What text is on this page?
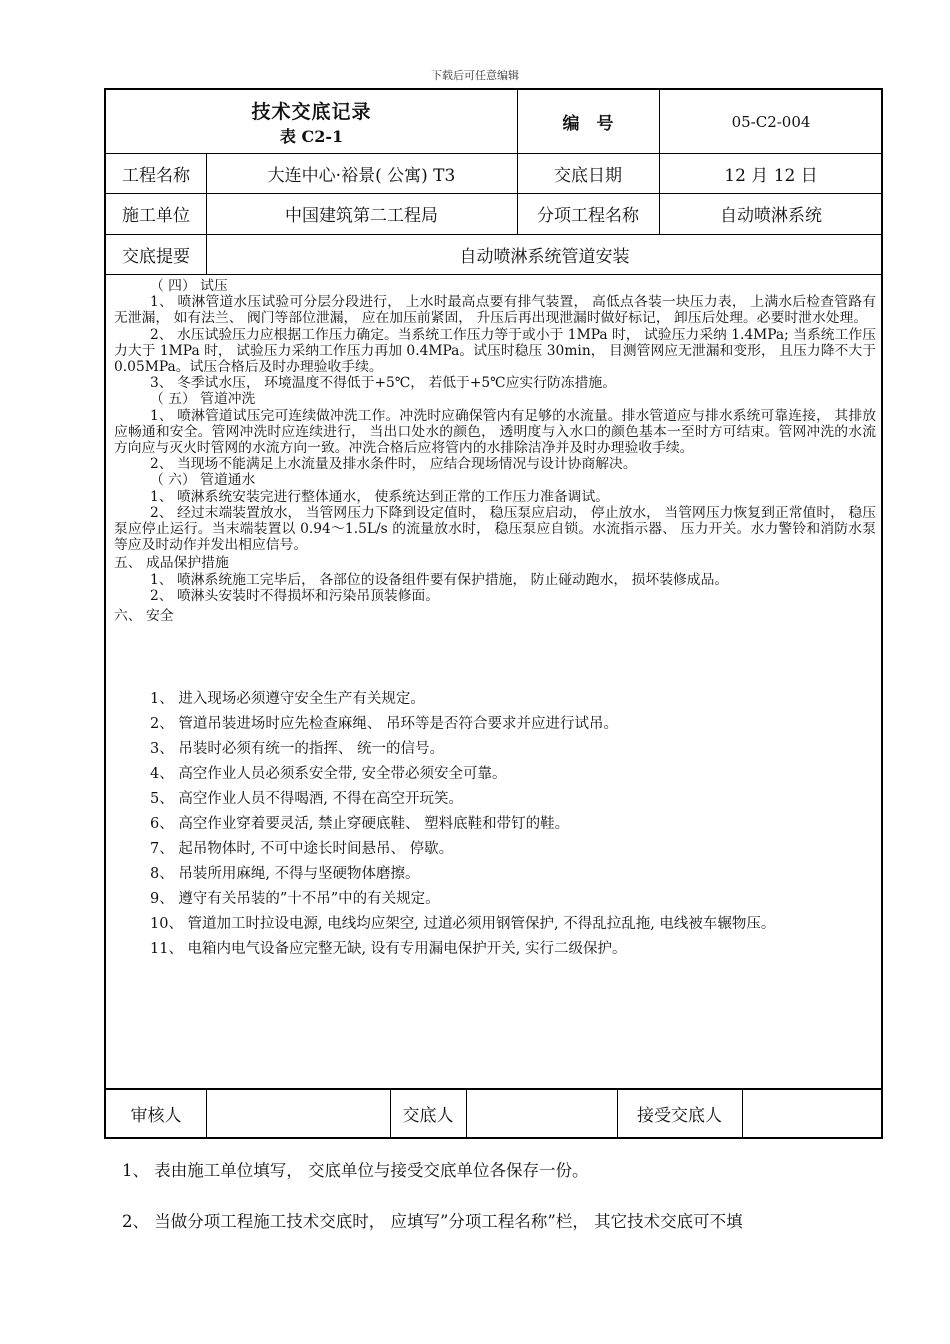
下载后可任意编辑
技术交底记录
表 C2-1
编　号	05-C2-004
工程名称	大连中心·裕景( 公寓) T3	交底日期	12 月 12 日
施工单位	中国建筑第二工程局	分项工程名称	自动喷淋系统
交底提要	自动喷淋系统管道安装

（ 四） 试压

1、 喷淋管道水压试验可分层分段进行， 上水时最高点要有排气装置， 高低点各装一块压力表， 上满水后检查管路有无泄漏， 如有法兰、 阀门等部位泄漏， 应在加压前紧固， 升压后再出现泄漏时做好标记， 卸压后处理。必要时泄水处理。

2、 水压试验压力应根据工作压力确定。当系统工作压力等于或小于 1MPa 时， 试验压力采纳 1.4MPa; 当系统工作压力大于 1MPa 时， 试验压力采纳工作压力再加 0.4MPa。试压时稳压 30min， 目测管网应无泄漏和变形， 且压力降不大于 0.05MPa。试压合格后及时办理验收手续。

3、 冬季试水压， 环境温度不得低于+5℃， 若低于+5℃应实行防冻措施。

（ 五） 管道冲洗

1、 喷淋管道试压完可连续做冲洗工作。冲洗时应确保管内有足够的水流量。排水管道应与排水系统可靠连接， 其排放应畅通和安全。管网冲洗时应连续进行， 当出口处水的颜色， 透明度与入水口的颜色基本一至时方可结束。管网冲洗的水流方向应与灭火时管网的水流方向一致。冲洗合格后应将管内的水排除洁净并及时办理验收手续。

2、 当现场不能满足上水流量及排水条件时， 应结合现场情况与设计协商解决。

（ 六） 管道通水

1、 喷淋系统安装完进行整体通水， 使系统达到正常的工作压力准备调试。

2、 经过末端装置放水， 当管网压力下降到设定值时， 稳压泵应启动， 停止放水， 当管网压力恢复到正常值时， 稳压泵应停止运行。当末端装置以 0.94～1.5L/s 的流量放水时， 稳压泵应自锁。水流指示器、 压力开关。水力警铃和消防水泵等应及时动作并发出相应信号。

五、 成品保护措施

1、 喷淋系统施工完毕后， 各部位的设备组件要有保护措施， 防止碰动跑水， 损坏装修成品。

2、 喷淋头安装时不得损坏和污染吊顶装修面。

六、 安全

1、 进入现场必须遵守安全生产有关规定。

2、 管道吊装进场时应先检查麻绳、 吊环等是否符合要求并应进行试吊。

3、 吊装时必须有统一的指挥、 统一的信号。

4、 高空作业人员必须系安全带, 安全带必须安全可靠。

5、 高空作业人员不得喝酒, 不得在高空开玩笑。

6、 高空作业穿着要灵活, 禁止穿硬底鞋、 塑料底鞋和带钉的鞋。

7、 起吊物体时, 不可中途长时间悬吊、 停歇。

8、 吊装所用麻绳, 不得与坚硬物体磨擦。

9、 遵守有关吊装的”十不吊”中的有关规定。

10、 管道加工时拉设电源, 电线均应架空, 过道必须用钢管保护, 不得乱拉乱拖, 电线被车辗物压。

11、 电箱内电气设备应完整无缺, 设有专用漏电保护开关, 实行二级保护。

审核人	交底人	接受交底人
1、 表由施工单位填写， 交底单位与接受交底单位各保存一份。
2、 当做分项工程施工技术交底时， 应填写”分项工程名称”栏， 其它技术交底可不填
